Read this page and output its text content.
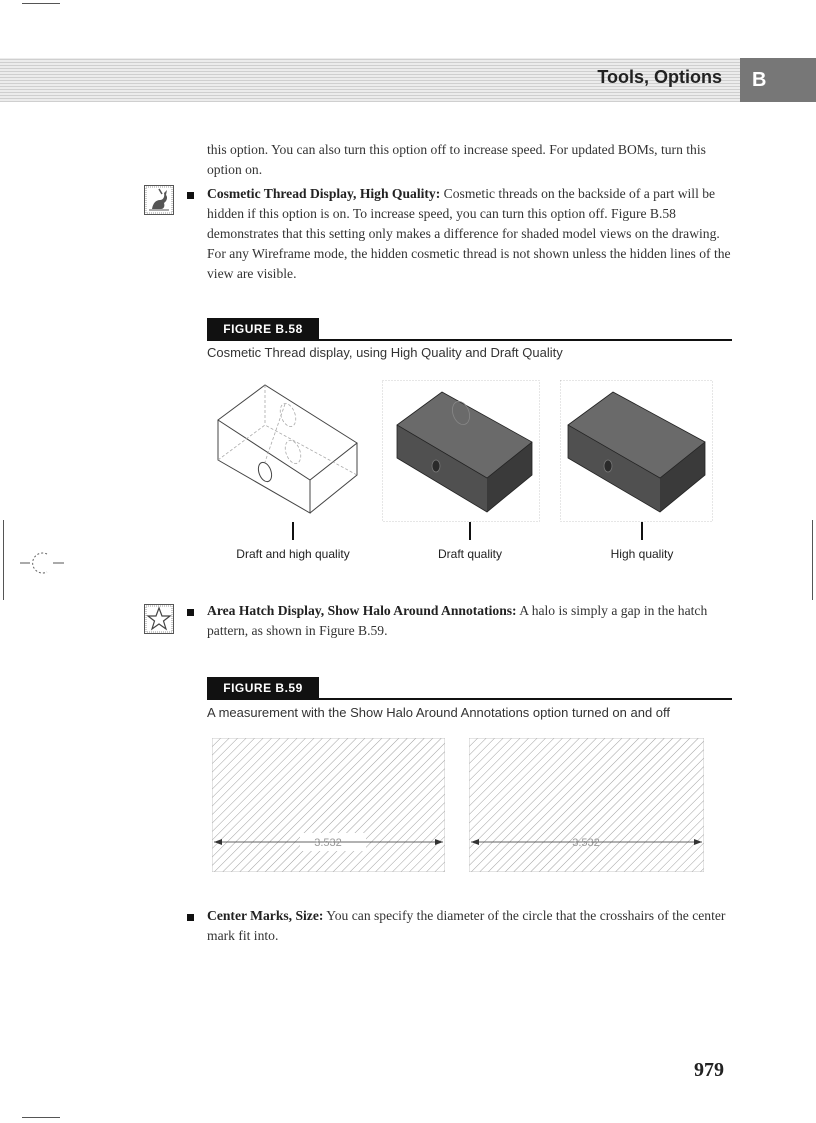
Tools, Options	B
this option. You can also turn this option off to increase speed. For updated BOMs, turn this option on.
Cosmetic Thread Display, High Quality: Cosmetic threads on the backside of a part will be hidden if this option is on. To increase speed, you can turn this option off. Figure B.58 demonstrates that this setting only makes a difference for shaded model views on the drawing. For any Wireframe mode, the hidden cosmetic thread is not shown unless the hidden lines of the view are visible.
FIGURE B.58
Cosmetic Thread display, using High Quality and Draft Quality
Draft and high quality	Draft quality	High quality
Area Hatch Display, Show Halo Around Annotations: A halo is simply a gap in the hatch pattern, as shown in Figure B.59.
FIGURE B.59
A measurement with the Show Halo Around Annotations option turned on and off
3.532	3.532
Center Marks, Size: You can specify the diameter of the circle that the crosshairs of the center mark fit into.
979
